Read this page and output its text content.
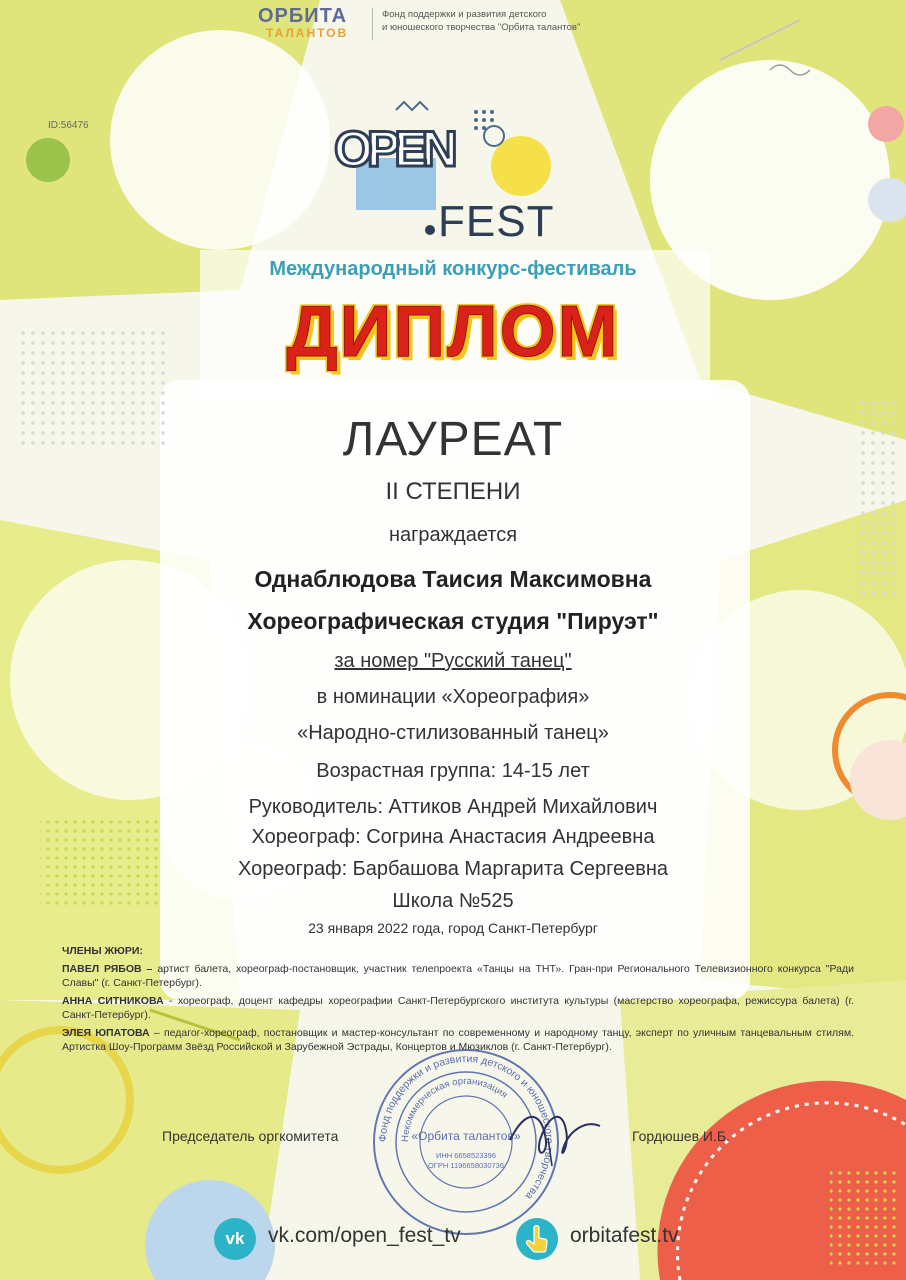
ОРБИТА
ТАЛАНТОВ
Фонд поддержки и развития детского
и юношеского творчества "Орбита талантов"
ID:56476	OPEN
FEST
Международный конкурс-фестиваль
ДИПЛОМ
ЛАУРЕАТ
II СТЕПЕНИ
награждается
Однаблюдова Таисия Максимовна
Хореографическая студия "Пируэт"
за номер "Русский танец"
в номинации «Хореография»
«Народно-стилизованный танец»
Возрастная группа: 14-15 лет
Руководитель: Аттиков Андрей Михайлович
Хореограф: Согрина Анастасия Андреевна
Хореограф: Барбашова Маргарита Сергеевна
Школа №525
23 января 2022 года, город Санкт-Петербург

ЧЛЕНЫ ЖЮРИ:

ПАВЕЛ РЯБОВ – артист балета, хореограф-постановщик, участник телепроекта «Танцы на ТНТ». Гран-при Регионального Телевизионного конкурса "Ради Славы" (г. Санкт-Петербург).

АННА СИТНИКОВА - хореограф, доцент кафедры хореографии Санкт-Петербургского института культуры (мастерство хореографа, режиссура балета) (г. Санкт-Петербург).

ЭЛЕЯ ЮПАТОВА – педагог-хореограф, постановщик и мастер-консультант по современному и народному танцу, эксперт по уличным танцевальным стилям. Артистка Шоу-Программ Звёзд Российской и Зарубежной Эстрады, Концертов и Мюзиклов (г. Санкт-Петербург).

Председатель оргкомитета	Гордюшев И.Б.
Фонд поддержки и развития детского и юношеского творчества
Некоммерческая организация
«Орбита талантов»
ИНН 6658523396
ОГРН 1196658030736
vk	vk.com/open_fest_tv	orbitafest.tv
